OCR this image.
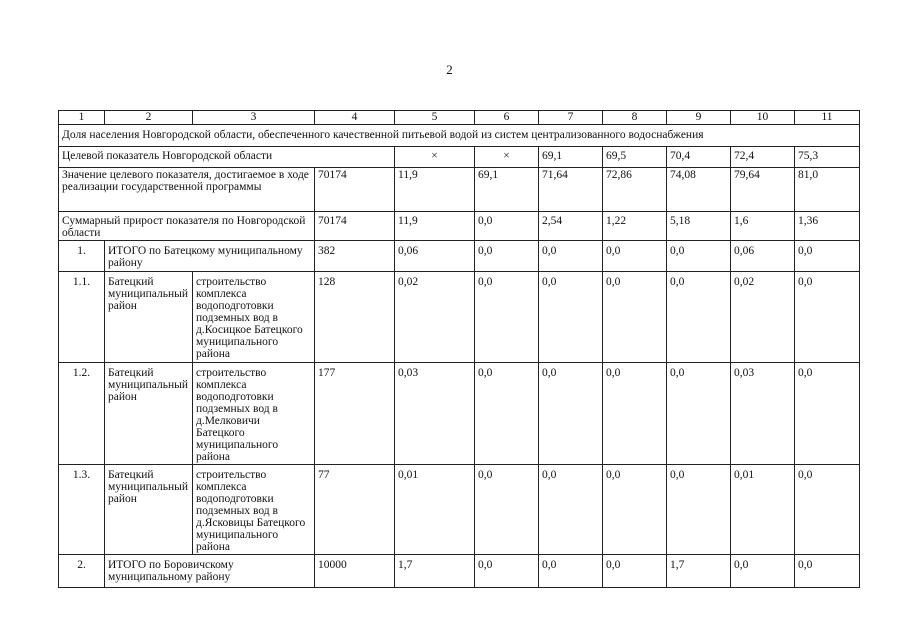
2
1	2	3	4	5	6	7	8	9	10	11	
Доля населения Новгородской области, обеспеченного качественной питьевой водой из систем централизованного водоснабжения											
Целевой показатель Новгородской области				×	×	69,1	69,5	70,4	72,4	75,3	
Значение целевого показателя, достигаемое в ходе реализации государственной программы			70174	11,9	69,1	71,64	72,86	74,08	79,64	81,0	
Суммарный прирост показателя по Новгородской области			70174	11,9	0,0	2,54	1,22	5,18	1,6	1,36	
1.	ИТОГО по Батецкому муниципальному району		382	0,06	0,0	0,0	0,0	0,0	0,06	0,0	
1.1.	Батецкий муниципальный район	строительство комплекса водоподготовки подземных вод в д.Косицкое Батецкого муниципального района	128	0,02	0,0	0,0	0,0	0,0	0,02	0,0	
1.2.	Батецкий муниципальный район	строительство комплекса водоподготовки подземных вод в д.Мелковичи Батецкого муниципального района	177	0,03	0,0	0,0	0,0	0,0	0,03	0,0	
1.3.	Батецкий муниципальный район	строительство комплекса водоподготовки подземных вод в д.Ясковицы Батецкого муниципального района	77	0,01	0,0	0,0	0,0	0,0	0,01	0,0	
2.	ИТОГО по Боровичскому муниципальному району		10000	1,7	0,0	0,0	0,0	1,7	0,0	0,0	
